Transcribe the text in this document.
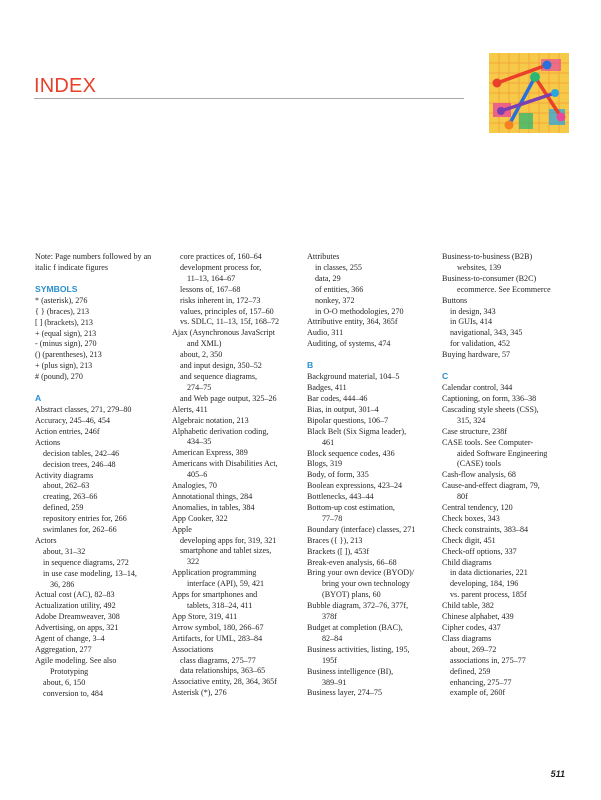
INDEX
Note: Page numbers followed by an italic f indicate figures
SYMBOLS
* (asterisk), 276
{ } (braces), 213
[ ] (brackets), 213
+ (equal sign), 213
- (minus sign), 270
() (parentheses), 213
+ (plus sign), 213
# (pound), 270
A
Abstract classes, 271, 279–80
Accuracy, 245–46, 454
Action entries, 246f
Actions
decision tables, 242–46
decision trees, 246–48
Activity diagrams
about, 262–63
creating, 263–66
defined, 259
repository entries for, 266
swimlanes for, 262–66
Actors
about, 31–32
in sequence diagrams, 272
in use case modeling, 13–14,
36, 286
Actual cost (AC), 82–83
Actualization utility, 492
Adobe Dreamweaver, 308
Advertising, on apps, 321
Agent of change, 3–4
Aggregation, 277
Agile modeling. See also
Prototyping
about, 6, 150
conversion to, 484
core practices of, 160–64
development process for,
11–13, 164–67
lessons of, 167–68
risks inherent in, 172–73
values, principles of, 157–60
vs. SDLC, 11–13, 15f, 168–72
Ajax (Asynchronous JavaScript
and XML)
about, 2, 350
and input design, 350–52
and sequence diagrams,
274–75
and Web page output, 325–26
Alerts, 411
Algebraic notation, 213
Alphabetic derivation coding,
434–35
American Express, 389
Americans with Disabilities Act,
405–6
Analogies, 70
Annotational things, 284
Anomalies, in tables, 384
App Cooker, 322
Apple
developing apps for, 319, 321
smartphone and tablet sizes,
322
Application programming
interface (API), 59, 421
Apps for smartphones and
tablets, 318–24, 411
App Store, 319, 411
Arrow symbol, 180, 266–67
Artifacts, for UML, 283–84
Associations
class diagrams, 275–77
data relationships, 363–65
Associative entity, 28, 364, 365f
Asterisk (*), 276
Attributes
in classes, 255
data, 29
of entities, 366
nonkey, 372
in O-O methodologies, 270
Attributive entity, 364, 365f
Audio, 311
Auditing, of systems, 474
B
Background material, 104–5
Badges, 411
Bar codes, 444–46
Bias, in output, 301–4
Bipolar questions, 106–7
Black Belt (Six Sigma leader),
461
Block sequence codes, 436
Blogs, 319
Body, of form, 335
Boolean expressions, 423–24
Bottlenecks, 443–44
Bottom-up cost estimation,
77–78
Boundary (interface) classes, 271
Braces ({ }), 213
Brackets ([ ]), 453f
Break-even analysis, 66–68
Bring your own device (BYOD)/
bring your own technology
(BYOT) plans, 60
Bubble diagram, 372–76, 377f,
378f
Budget at completion (BAC),
82–84
Business activities, listing, 195,
195f
Business intelligence (BI),
389–91
Business layer, 274–75
Business-to-business (B2B)
websites, 139
Business-to-consumer (B2C)
ecommerce. See Ecommerce
Buttons
in design, 343
in GUIs, 414
navigational, 343, 345
for validation, 452
Buying hardware, 57
C
Calendar control, 344
Captioning, on form, 336–38
Cascading style sheets (CSS),
315, 324
Case structure, 238f
CASE tools. See Computer-
aided Software Engineering
(CASE) tools
Cash-flow analysis, 68
Cause-and-effect diagram, 79,
80f
Central tendency, 120
Check boxes, 343
Check constraints, 383–84
Check digit, 451
Check-off options, 337
Child diagrams
in data dictionaries, 221
developing, 184, 196
vs. parent process, 185f
Child table, 382
Chinese alphabet, 439
Cipher codes, 437
Class diagrams
about, 269–72
associations in, 275–77
defined, 259
enhancing, 275–77
example of, 260f
511
